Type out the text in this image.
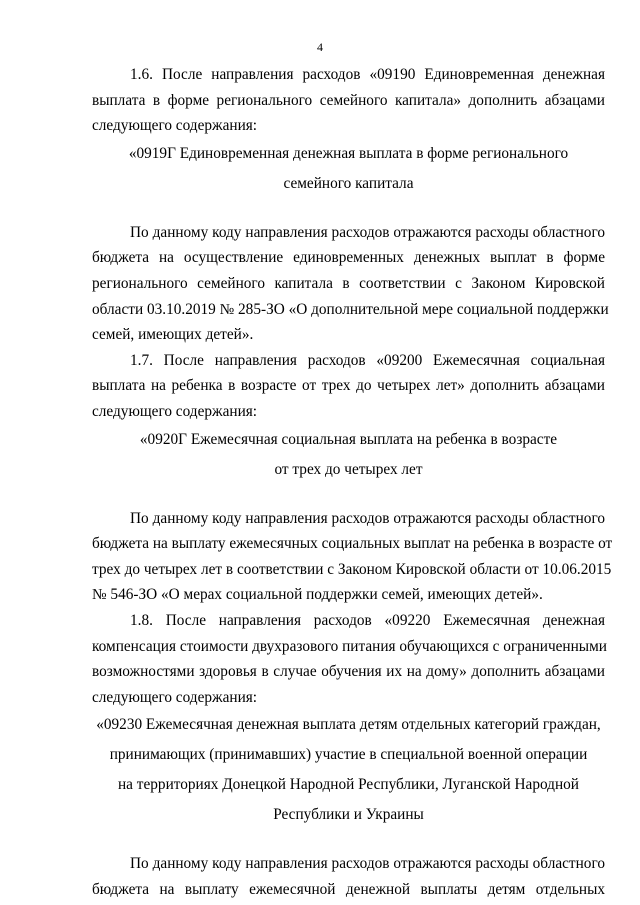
4

1.6. После направления расходов «09190 Единовременная денежная
выплата в форме регионального семейного капитала» дополнить абзацами
следующего содержания:

«0919Г Единовременная денежная выплата в форме регионального
семейного капитала

По данному коду направления расходов отражаются расходы областного
бюджета на осуществление единовременных денежных выплат в форме
регионального семейного капитала в соответствии с Законом Кировской
области 03.10.2019 № 285-ЗО «О дополнительной мере социальной поддержки
семей, имеющих детей».

1.7. После направления расходов «09200 Ежемесячная социальная
выплата на ребенка в возрасте от трех до четырех лет» дополнить абзацами
следующего содержания:

«0920Г Ежемесячная социальная выплата на ребенка в возрасте
от трех до четырех лет

По данному коду направления расходов отражаются расходы областного
бюджета на выплату ежемесячных социальных выплат на ребенка в возрасте от
трех до четырех лет в соответствии с Законом Кировской области от 10.06.2015
№ 546-ЗО «О мерах социальной поддержки семей, имеющих детей».

1.8. После направления расходов «09220 Ежемесячная денежная
компенсация стоимости двухразового питания обучающихся с ограниченными
возможностями здоровья в случае обучения их на дому» дополнить абзацами
следующего содержания:

«09230 Ежемесячная денежная выплата детям отдельных категорий граждан,
принимающих (принимавших) участие в специальной военной операции
на территориях Донецкой Народной Республики, Луганской Народной
Республики и Украины

По данному коду направления расходов отражаются расходы областного
бюджета на выплату ежемесячной денежной выплаты детям отдельных
